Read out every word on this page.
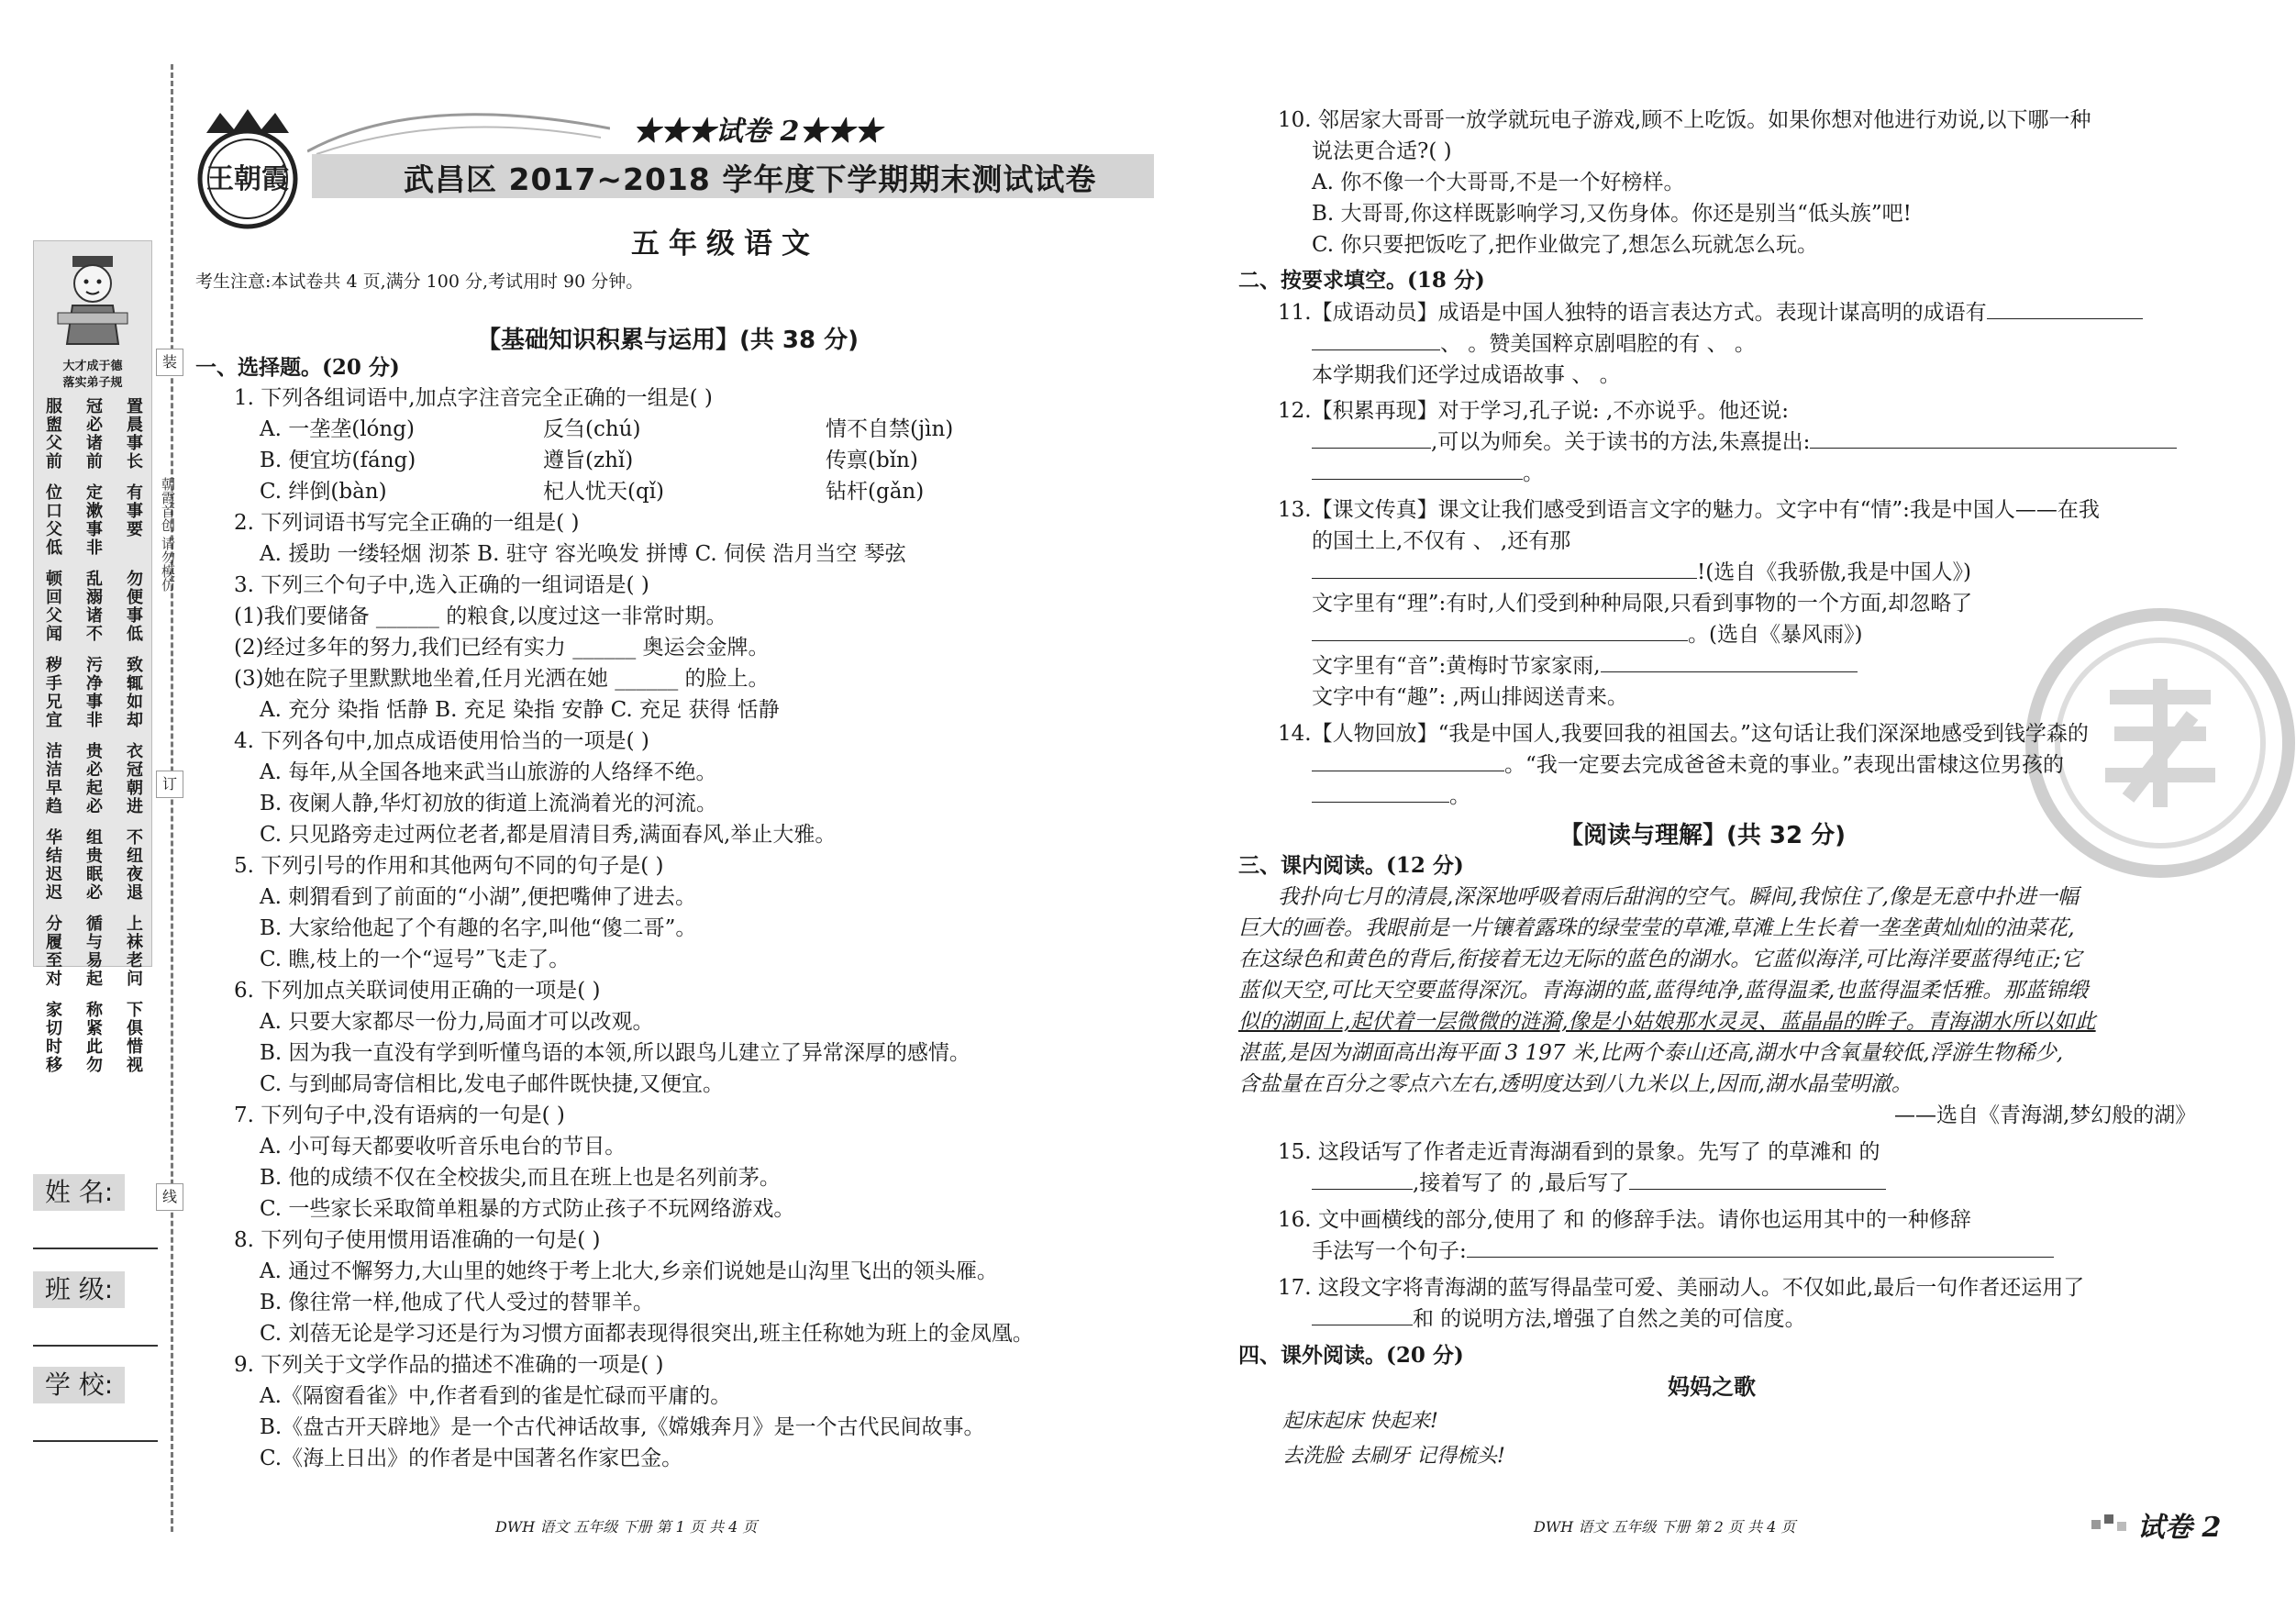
装
订
线
朝霞首创 请勿模仿
大才成于德
落实弟子规
置晨事长
冠必诸前
服盥父前
有事要
定漱事非
位口父低
勿便事低
乱溺诸不
顿回父闻
致辄如却
污净事非
秽手兄宜
衣冠朝进
贵必起必
洁洁早趋
不纽夜退
组贵眠必
华结迟迟
上袜老问
循与易起
分履至对
下俱惜视
称紧此勿
家切时移
姓 名:
班 级:
学 校:
王朝霞
★★★试卷 2★★★
武昌区 2017~2018 学年度下学期期末测试试卷
五年级语文
考生注意:本试卷共 4 页,满分 100 分,考试用时 90 分钟。
【基础知识积累与运用】(共 38 分)
一、选择题。(20 分)
1. 下列各组词语中,加点字注音完全正确的一组是( )
A. 一垄垄(lóng)	反刍(chú)	情不自禁(jìn)
B. 便宜坊(fáng)	遵旨(zhǐ)	传禀(bǐn)
C. 绊倒(bàn)	杞人忧天(qǐ)	钻杆(gǎn)
2. 下列词语书写完全正确的一组是( )
A. 援助 一缕轻烟 沏茶 B. 驻守 容光唤发 拼博 C. 伺侯 浩月当空 琴弦
3. 下列三个句子中,选入正确的一组词语是( )
(1)我们要储备 ______ 的粮食,以度过这一非常时期。
(2)经过多年的努力,我们已经有实力 ______ 奥运会金牌。
(3)她在院子里默默地坐着,任月光洒在她 ______ 的脸上。
A. 充分 染指 恬静 B. 充足 染指 安静 C. 充足 获得 恬静
4. 下列各句中,加点成语使用恰当的一项是( )
A. 每年,从全国各地来武当山旅游的人络绎不绝。
B. 夜阑人静,华灯初放的街道上流淌着光的河流。
C. 只见路旁走过两位老者,都是眉清目秀,满面春风,举止大雅。
5. 下列引号的作用和其他两句不同的句子是( )
A. 刺猬看到了前面的“小湖”,便把嘴伸了进去。
B. 大家给他起了个有趣的名字,叫他“傻二哥”。
C. 瞧,枝上的一个“逗号”飞走了。
6. 下列加点关联词使用正确的一项是( )
A. 只要大家都尽一份力,局面才可以改观。
B. 因为我一直没有学到听懂鸟语的本领,所以跟鸟儿建立了异常深厚的感情。
C. 与到邮局寄信相比,发电子邮件既快捷,又便宜。
7. 下列句子中,没有语病的一句是( )
A. 小可每天都要收听音乐电台的节目。
B. 他的成绩不仅在全校拔尖,而且在班上也是名列前茅。
C. 一些家长采取简单粗暴的方式防止孩子不玩网络游戏。
8. 下列句子使用惯用语准确的一句是( )
A. 通过不懈努力,大山里的她终于考上北大,乡亲们说她是山沟里飞出的领头雁。
B. 像往常一样,他成了代人受过的替罪羊。
C. 刘蓓无论是学习还是行为习惯方面都表现得很突出,班主任称她为班上的金凤凰。
9. 下列关于文学作品的描述不准确的一项是( )
A.《隔窗看雀》中,作者看到的雀是忙碌而平庸的。
B.《盘古开天辟地》是一个古代神话故事,《嫦娥奔月》是一个古代民间故事。
C.《海上日出》的作者是中国著名作家巴金。
DWH 语文 五年级 下册 第 1 页 共 4 页
10. 邻居家大哥哥一放学就玩电子游戏,顾不上吃饭。如果你想对他进行劝说,以下哪一种
说法更合适?( )
A. 你不像一个大哥哥,不是一个好榜样。
B. 大哥哥,你这样既影响学习,又伤身体。你还是别当“低头族”吧!
C. 你只要把饭吃了,把作业做完了,想怎么玩就怎么玩。
二、按要求填空。(18 分)
11.【成语动员】成语是中国人独特的语言表达方式。表现计谋高明的成语有
、 。赞美国粹京剧唱腔的有 、 。
本学期我们还学过成语故事 、 。
12.【积累再现】对于学习,孔子说: ,不亦说乎。他还说:
,可以为师矣。关于读书的方法,朱熹提出:
。
13.【课文传真】课文让我们感受到语言文字的魅力。文字中有“情”:我是中国人——在我
的国土上,不仅有 、 ,还有那
!(选自《我骄傲,我是中国人》)
文字里有“理”:有时,人们受到种种局限,只看到事物的一个方面,却忽略了
。(选自《暴风雨》)
文字里有“音”:黄梅时节家家雨,
文字中有“趣”: ,两山排闼送青来。
14.【人物回放】“我是中国人,我要回我的祖国去。”这句话让我们深深地感受到钱学森的
。“我一定要去完成爸爸未竟的事业。”表现出雷棣这位男孩的
。
【阅读与理解】(共 32 分)
三、课内阅读。(12 分)
我扑向七月的清晨,深深地呼吸着雨后甜润的空气。瞬间,我惊住了,像是无意中扑进一幅
巨大的画卷。我眼前是一片镶着露珠的绿莹莹的草滩,草滩上生长着一垄垄黄灿灿的油菜花,
在这绿色和黄色的背后,衔接着无边无际的蓝色的湖水。它蓝似海洋,可比海洋要蓝得纯正;它
蓝似天空,可比天空要蓝得深沉。青海湖的蓝,蓝得纯净,蓝得温柔,也蓝得温柔恬雅。那蓝锦缎
似的湖面上,起伏着一层微微的涟漪,像是小姑娘那水灵灵、蓝晶晶的眸子。青海湖水所以如此
湛蓝,是因为湖面高出海平面 3 197 米,比两个泰山还高,湖水中含氧量较低,浮游生物稀少,
含盐量在百分之零点六左右,透明度达到八九米以上,因而,湖水晶莹明澈。
——选自《青海湖,梦幻般的湖》
15. 这段话写了作者走近青海湖看到的景象。先写了 的草滩和 的
,接着写了 的 ,最后写了
16. 文中画横线的部分,使用了 和 的修辞手法。请你也运用其中的一种修辞
手法写一个句子:
17. 这段文字将青海湖的蓝写得晶莹可爱、美丽动人。不仅如此,最后一句作者还运用了
和 的说明方法,增强了自然之美的可信度。
四、课外阅读。(20 分)
妈妈之歌
起床起床 快起来!
去洗脸 去刷牙 记得梳头!
DWH 语文 五年级 下册 第 2 页 共 4 页	试卷 2
